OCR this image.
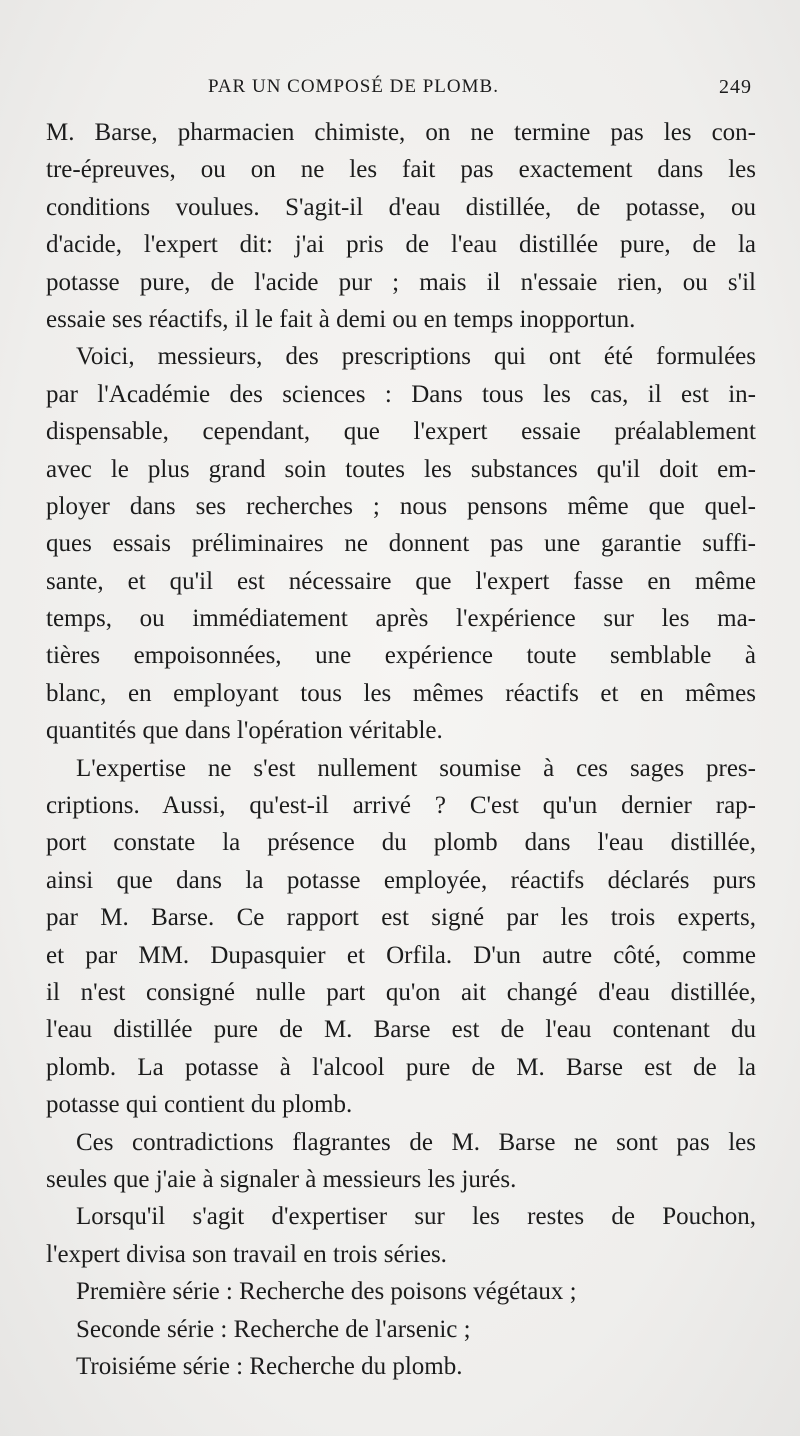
PAR UN COMPOSÉ DE PLOMB.	249
M. Barse, pharmacien chimiste, on ne termine pas les con-
tre-épreuves, ou on ne les fait pas exactement dans les
conditions voulues. S'agit-il d'eau distillée, de potasse, ou
d'acide, l'expert dit: j'ai pris de l'eau distillée pure, de la
potasse pure, de l'acide pur ; mais il n'essaie rien, ou s'il
essaie ses réactifs, il le fait à demi ou en temps inopportun.
Voici, messieurs, des prescriptions qui ont été formulées
par l'Académie des sciences : Dans tous les cas, il est in-
dispensable, cependant, que l'expert essaie préalablement
avec le plus grand soin toutes les substances qu'il doit em-
ployer dans ses recherches ; nous pensons même que quel-
ques essais préliminaires ne donnent pas une garantie suffi-
sante, et qu'il est nécessaire que l'expert fasse en même
temps, ou immédiatement après l'expérience sur les ma-
tières empoisonnées, une expérience toute semblable à
blanc, en employant tous les mêmes réactifs et en mêmes
quantités que dans l'opération véritable.
L'expertise ne s'est nullement soumise à ces sages pres-
criptions. Aussi, qu'est-il arrivé ? C'est qu'un dernier rap-
port constate la présence du plomb dans l'eau distillée,
ainsi que dans la potasse employée, réactifs déclarés purs
par M. Barse. Ce rapport est signé par les trois experts,
et par MM. Dupasquier et Orfila. D'un autre côté, comme
il n'est consigné nulle part qu'on ait changé d'eau distillée,
l'eau distillée pure de M. Barse est de l'eau contenant du
plomb. La potasse à l'alcool pure de M. Barse est de la
potasse qui contient du plomb.
Ces contradictions flagrantes de M. Barse ne sont pas les
seules que j'aie à signaler à messieurs les jurés.
Lorsqu'il s'agit d'expertiser sur les restes de Pouchon,
l'expert divisa son travail en trois séries.
Première série : Recherche des poisons végétaux ;
Seconde série : Recherche de l'arsenic ;
Troisiéme série : Recherche du plomb.
